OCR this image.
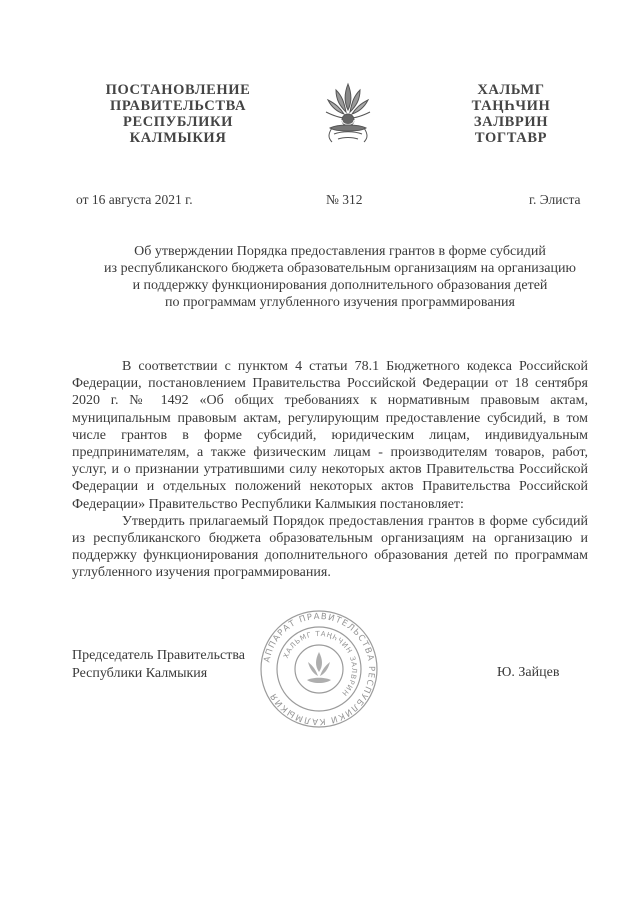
ПОСТАНОВЛЕНИЕ
ПРАВИТЕЛЬСТВА
РЕСПУБЛИКИ
КАЛМЫКИЯ
ХАЛЬМГ
ТАҢҺЧИН
ЗАЛВРИН
ТОГТАВР
от 16 августа 2021 г.	№ 312	г. Элиста
Об утверждении Порядка предоставления грантов в форме субсидий
из республиканского бюджета образовательным организациям на организацию
и поддержку функционирования дополнительного образования детей
по программам углубленного изучения программирования

В соответствии с пунктом 4 статьи 78.1 Бюджетного кодекса Российской Федерации, постановлением Правительства Российской Федерации от 18 сентября 2020 г. № 1492 «Об общих требованиях к нормативным правовым актам, муниципальным правовым актам, регулирующим предоставление субсидий, в том числе грантов в форме субсидий, юридическим лицам, индивидуальным предпринимателям, а также физическим лицам - производителям товаров, работ, услуг, и о признании утратившими силу некоторых актов Правительства Российской Федерации и отдельных положений некоторых актов Правительства Российской Федерации» Правительство Республики Калмыкия постановляет:

Утвердить прилагаемый Порядок предоставления грантов в форме субсидий из республиканского бюджета образовательным организациям на организацию и поддержку функционирования дополнительного образования детей по программам углубленного изучения программирования.

Председатель Правительства
Республики Калмыкия
АППАРАТ ПРАВИТЕЛЬСТВА РЕСПУБЛИКИ КАЛМЫКИЯ
ХАЛЬМГ ТАҢҺЧИН ЗАЛВРИН
Ю. Зайцев
